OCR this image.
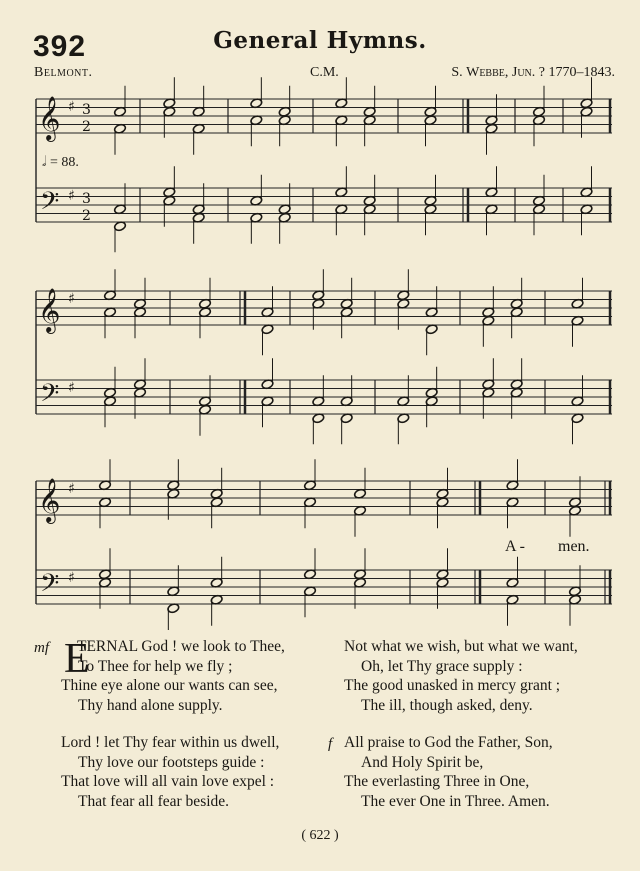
392	General Hymns.
Belmont.	C.M.	S. Webbe, Jun. ? 1770–1843.
𝄞 ♯ 3
2
𝄢 ♯ 3
2
𝄞 ♯
𝄢 ♯
𝄞 ♯
𝄢 ♯
𝅗𝅥 = 88.
A - men.
mf E
TERNAL God ! we look to Thee,
To Thee for help we fly ;
Thine eye alone our wants can see,
Thy hand alone supply.
Lord ! let Thy fear within us dwell,
Thy love our footsteps guide :
That love will all vain love expel :
That fear all fear beside.
Not what we wish, but what we want,
Oh, let Thy grace supply :
The good unasked in mercy grant ;
The ill, though asked, deny.
f All praise to God the Father, Son,
And Holy Spirit be,
The everlasting Three in One,
The ever One in Three. Amen.
( 622 )
